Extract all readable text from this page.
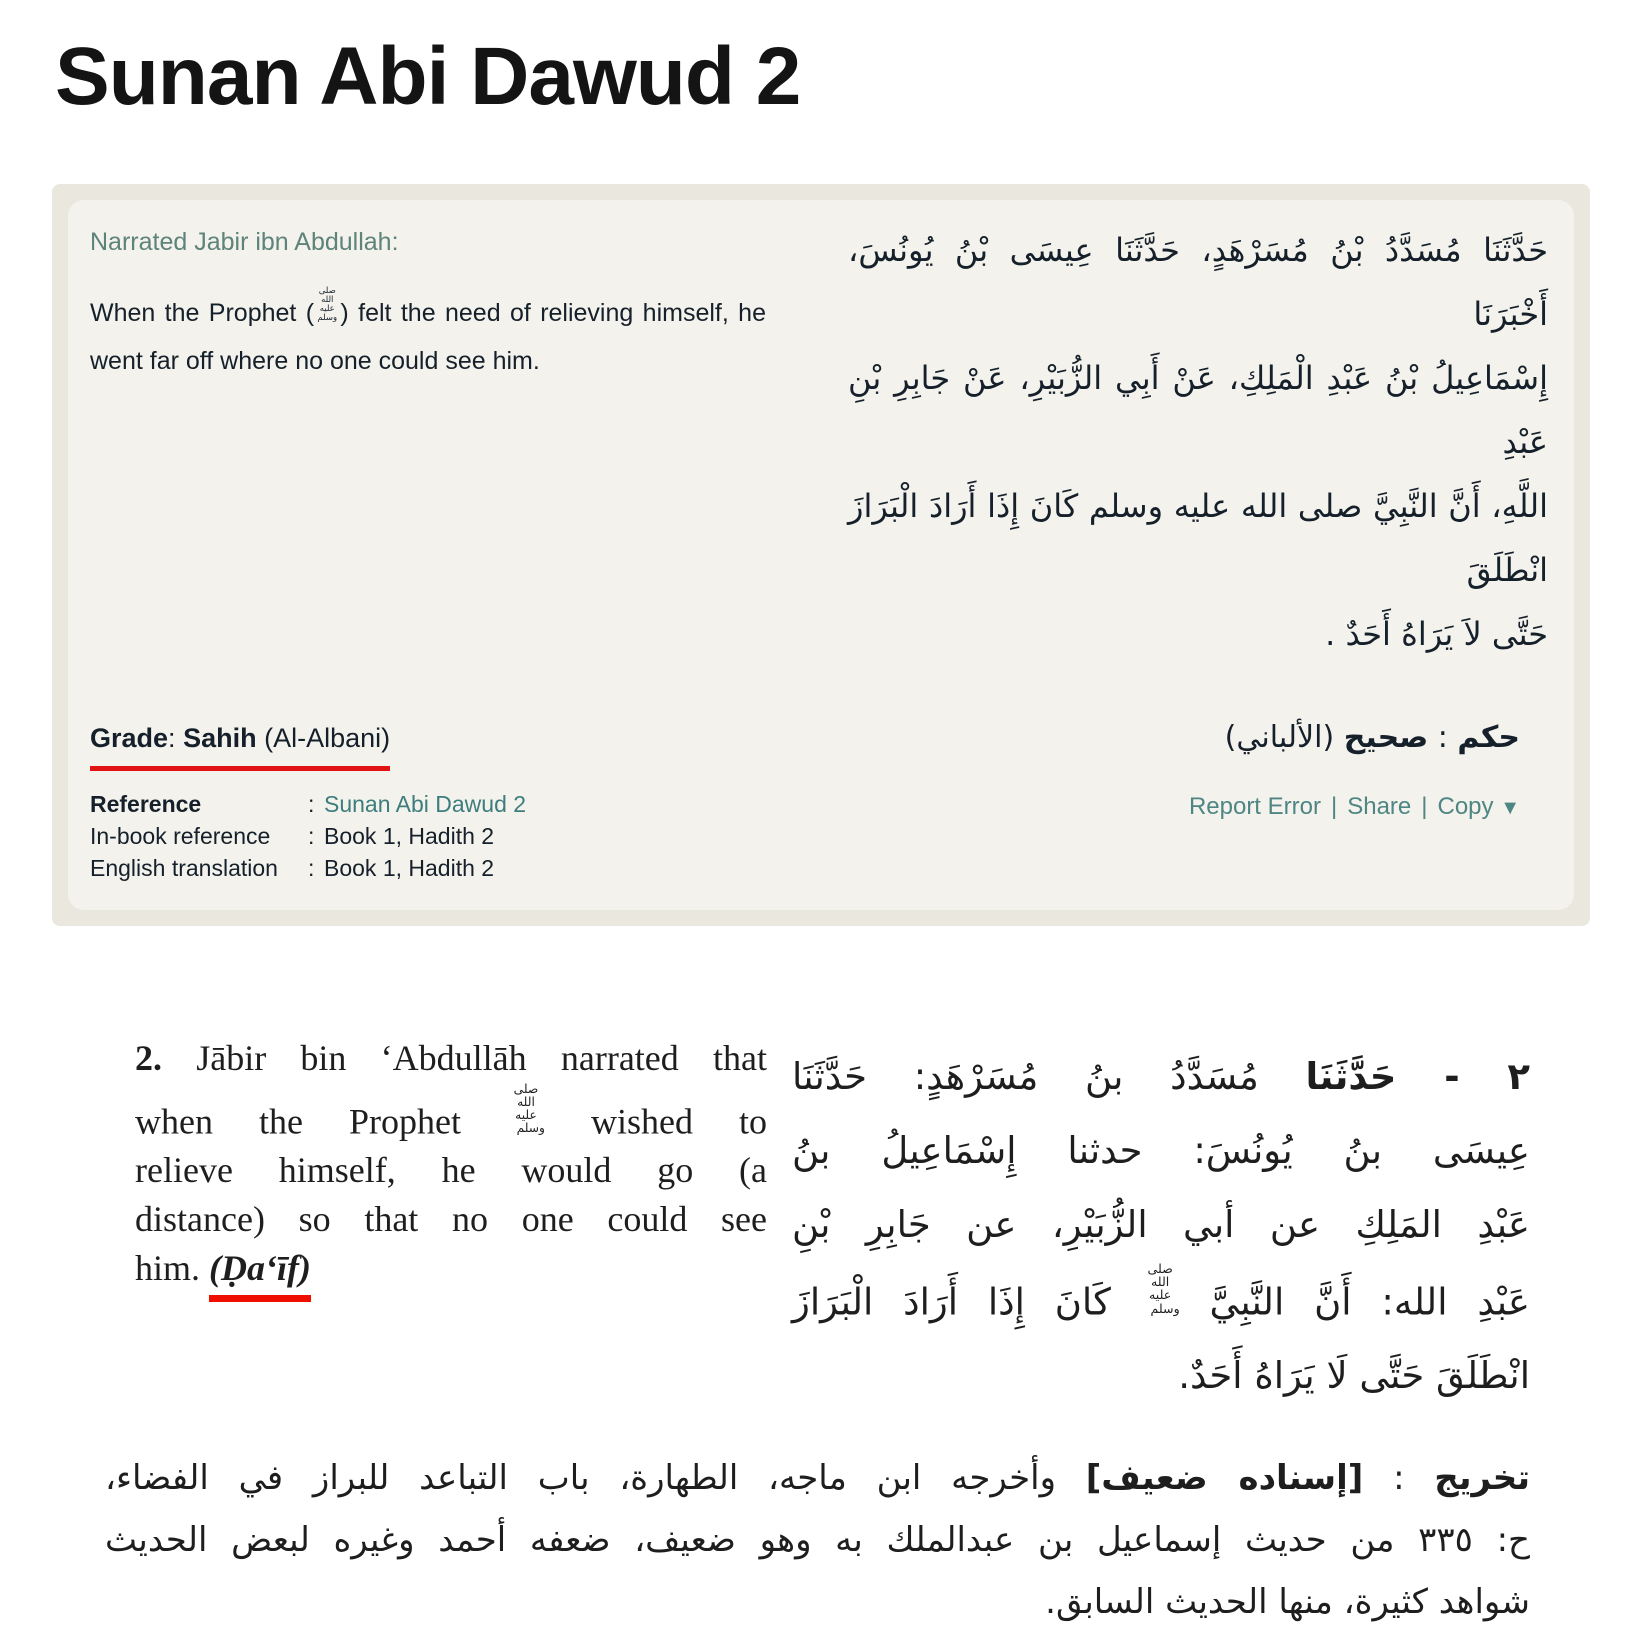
Sunan Abi Dawud 2
Narrated Jabir ibn Abdullah:
When the Prophet (صلى الله عليه وسلم ) felt the need of relieving himself, he went far off where no one could see him.
حَدَّثَنَا مُسَدَّدُ بْنُ مُسَرْهَدٍ، حَدَّثَنَا عِيسَى بْنُ يُونُسَ، أَخْبَرَنَا
إِسْمَاعِيلُ بْنُ عَبْدِ الْمَلِكِ، عَنْ أَبِي الزُّبَيْرِ، عَنْ جَابِرِ بْنِ عَبْدِ
اللَّهِ، أَنَّ النَّبِيَّ صلى الله عليه وسلم كَانَ إِذَا أَرَادَ الْبَرَازَ انْطَلَقَ
حَتَّى لاَ يَرَاهُ أَحَدٌ .
Grade: Sahih (Al-Albani)	حكم : صحيح (الألباني)
Reference	: Sunan Abi Dawud 2
In-book reference	: Book 1, Hadith 2
English translation	: Book 1, Hadith 2
Report Error | Share | Copy ▼
2. Jābir bin ‘Abdullāh narrated that
when the Prophet صلى الله عليه وسلم wished to
relieve himself, he would go (a
distance) so that no one could see
him. (Ḍa‘īf)
٢ - حَدَّثَنَا مُسَدَّدُ بنُ مُسَرْهَدٍ: حَدَّثَنَا
عِيسَى بنُ يُونُسَ: حدثنا إِسْمَاعِيلُ بنُ
عَبْدِ المَلِكِ عن أبي الزُّبَيْرِ، عن جَابِرِ بْنِ
عَبْدِ الله: أَنَّ النَّبِيَّ صلى الله عليه وسلم كَانَ إِذَا أَرَادَ الْبَرَازَ
انْطَلَقَ حَتَّى لَا يَرَاهُ أَحَدٌ.
تخريج : [إسناده ضعيف] وأخرجه ابن ماجه، الطهارة، باب التباعد للبراز في الفضاء،
ح: ٣٣٥ من حديث إسماعيل بن عبدالملك به وهو ضعيف، ضعفه أحمد وغيره لبعض الحديث
شواهد كثيرة، منها الحديث السابق.
